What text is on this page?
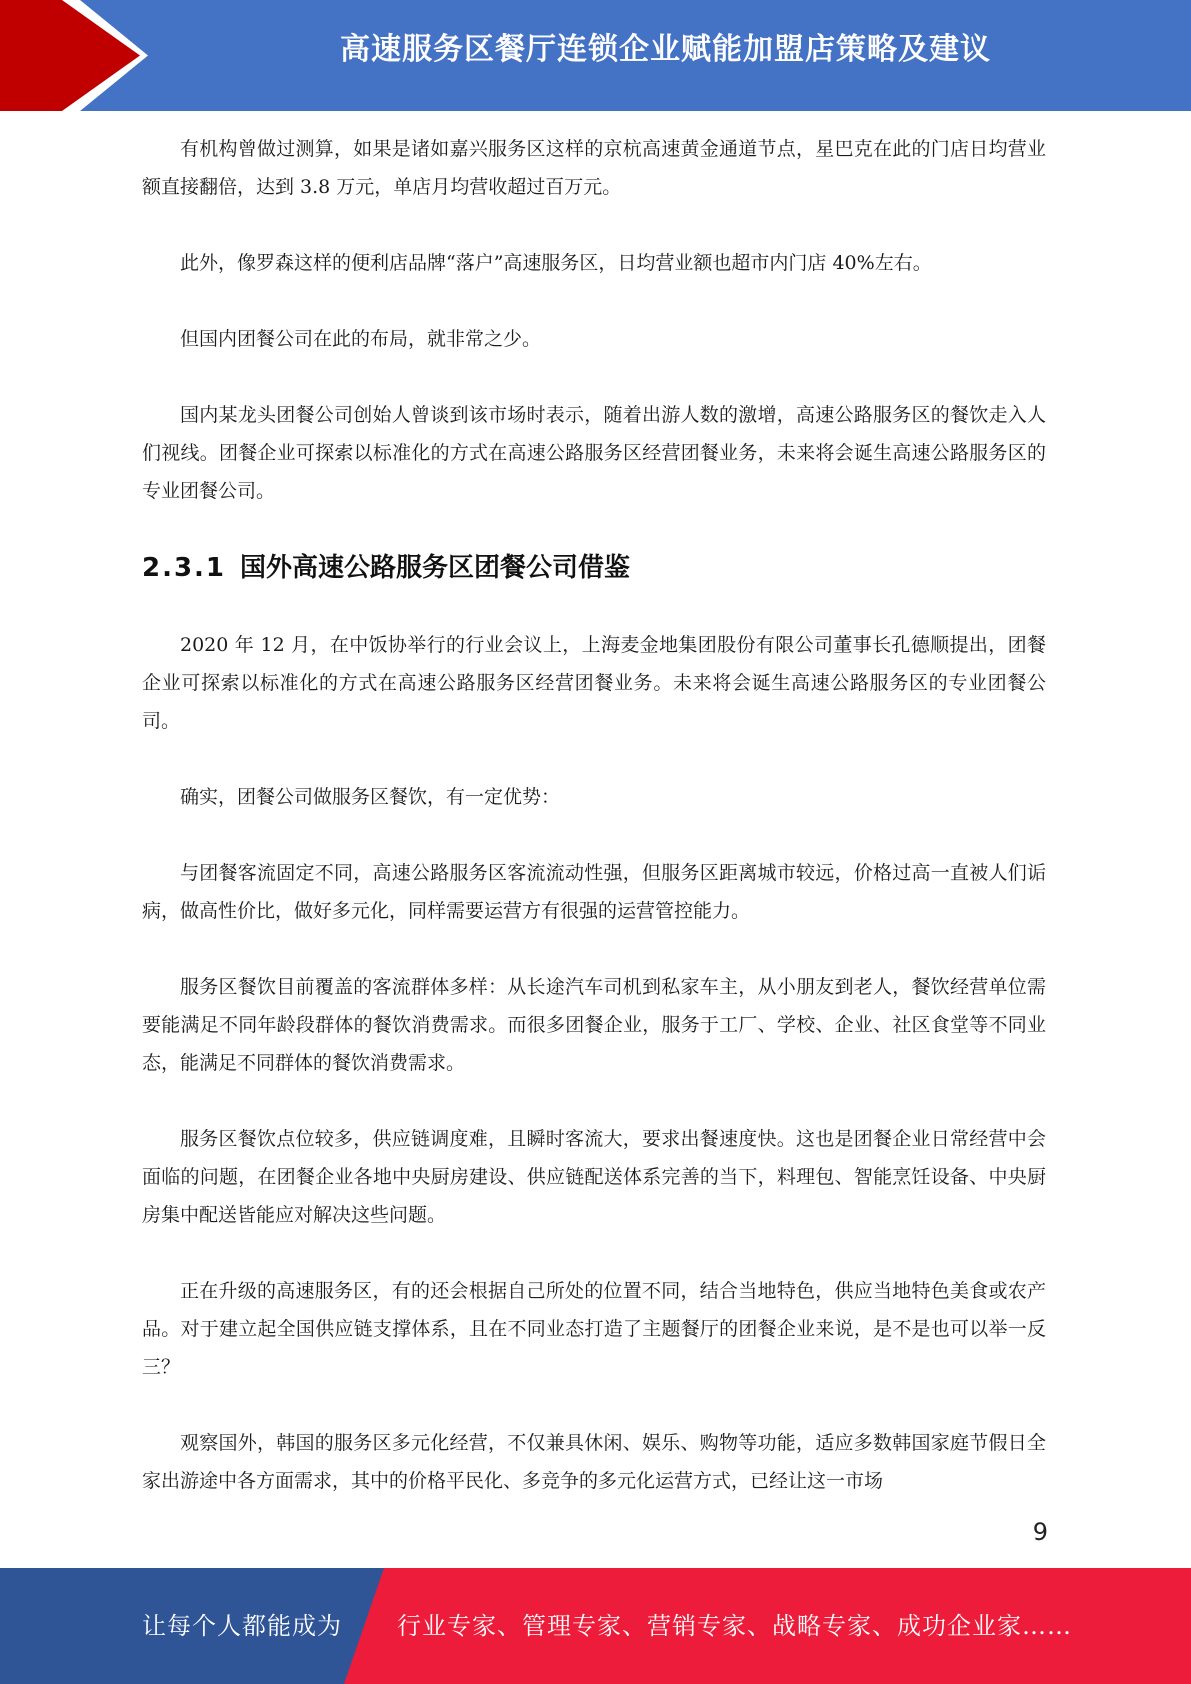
高速服务区餐厅连锁企业赋能加盟店策略及建议

有机构曾做过测算，如果是诸如嘉兴服务区这样的京杭高速黄金通道节点，星巴克在此的门店日均营业额直接翻倍，达到 3.8 万元，单店月均营收超过百万元。

此外，像罗森这样的便利店品牌“落户”高速服务区，日均营业额也超市内门店 40%左右。

但国内团餐公司在此的布局，就非常之少。

国内某龙头团餐公司创始人曾谈到该市场时表示，随着出游人数的激增，高速公路服务区的餐饮走入人们视线。团餐企业可探索以标准化的方式在高速公路服务区经营团餐业务，未来将会诞生高速公路服务区的专业团餐公司。

2.3.1 国外高速公路服务区团餐公司借鉴

2020 年 12 月，在中饭协举行的行业会议上，上海麦金地集团股份有限公司董事长孔德顺提出，团餐企业可探索以标准化的方式在高速公路服务区经营团餐业务。未来将会诞生高速公路服务区的专业团餐公司。

确实，团餐公司做服务区餐饮，有一定优势：

与团餐客流固定不同，高速公路服务区客流流动性强，但服务区距离城市较远，价格过高一直被人们诟病，做高性价比，做好多元化，同样需要运营方有很强的运营管控能力。

服务区餐饮目前覆盖的客流群体多样：从长途汽车司机到私家车主，从小朋友到老人，餐饮经营单位需要能满足不同年龄段群体的餐饮消费需求。而很多团餐企业，服务于工厂、学校、企业、社区食堂等不同业态，能满足不同群体的餐饮消费需求。

服务区餐饮点位较多，供应链调度难，且瞬时客流大，要求出餐速度快。这也是团餐企业日常经营中会面临的问题，在团餐企业各地中央厨房建设、供应链配送体系完善的当下，料理包、智能烹饪设备、中央厨房集中配送皆能应对解决这些问题。

正在升级的高速服务区，有的还会根据自己所处的位置不同，结合当地特色，供应当地特色美食或农产品。对于建立起全国供应链支撑体系，且在不同业态打造了主题餐厅的团餐企业来说，是不是也可以举一反三？

观察国外，韩国的服务区多元化经营，不仅兼具休闲、娱乐、购物等功能，适应多数韩国家庭节假日全家出游途中各方面需求，其中的价格平民化、多竞争的多元化运营方式，已经让这一市场

9
让每个人都能成为 行业专家、管理专家、营销专家、战略专家、成功企业家……
